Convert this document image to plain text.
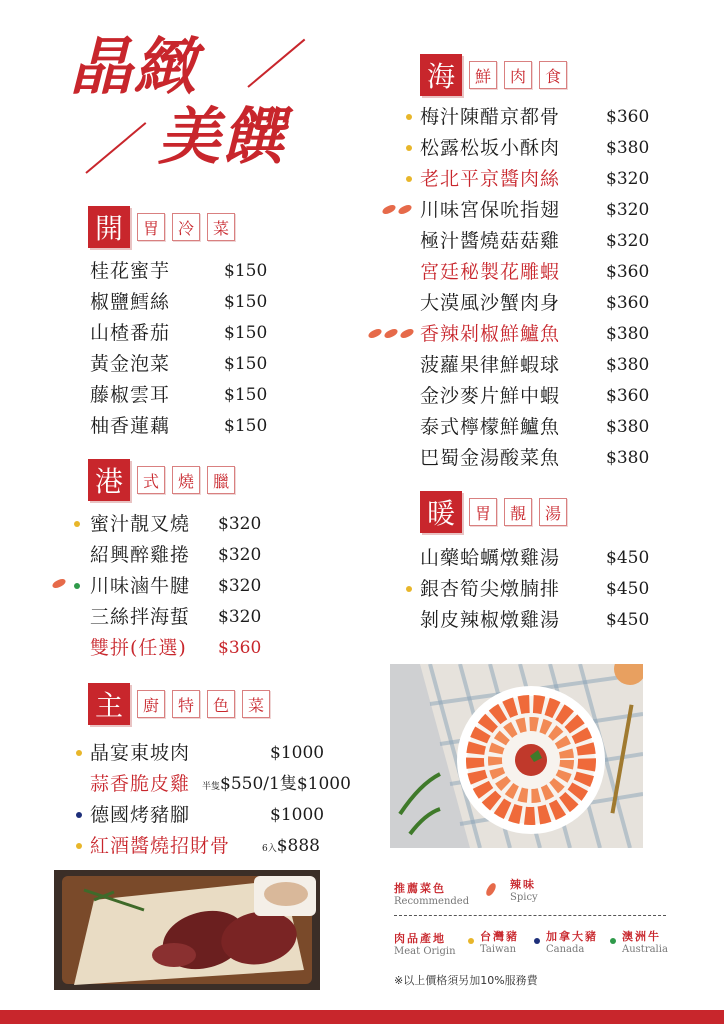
晶緻
美饌
開	胃	冷	菜
桂花蜜芋	$150
椒鹽鱈絲	$150
山楂番茄	$150
黃金泡菜	$150
藤椒雲耳	$150
柚香蓮藕	$150
港	式	燒	臘
蜜汁靚叉燒 $320
紹興醉雞捲 $320
川味滷牛腱 $320
三絲拌海蜇 $320
雙拼(任選) $360
主	廚	特	色	菜
晶宴東坡肉	$1000
蒜香脆皮雞 半隻$550/1隻$1000
德國烤豬腳	$1000
紅酒醬燒招財骨	6入$888
海	鮮	肉	食
梅汁陳醋京都骨	$360
松露松坂小酥肉	$380
老北平京醬肉絲	$320
川味宮保吮指翅	$320
極汁醬燒菇菇雞	$320
宮廷秘製花雕蝦	$360
大漠風沙蟹肉身	$360
香辣剁椒鮮鱸魚	$380
菠蘿果律鮮蝦球	$380
金沙麥片鮮中蝦	$360
泰式檸檬鮮鱸魚	$380
巴蜀金湯酸菜魚	$380
暖	胃	靚	湯
山藥蛤蠣燉雞湯	$450
銀杏筍尖燉腩排	$450
剝皮辣椒燉雞湯	$450
推薦菜色
Recommended
辣味
Spicy
肉品產地
Meat Origin
台灣豬
Taiwan
加拿大豬
Canada
澳洲牛
Australia
※以上價格須另加10%服務費
